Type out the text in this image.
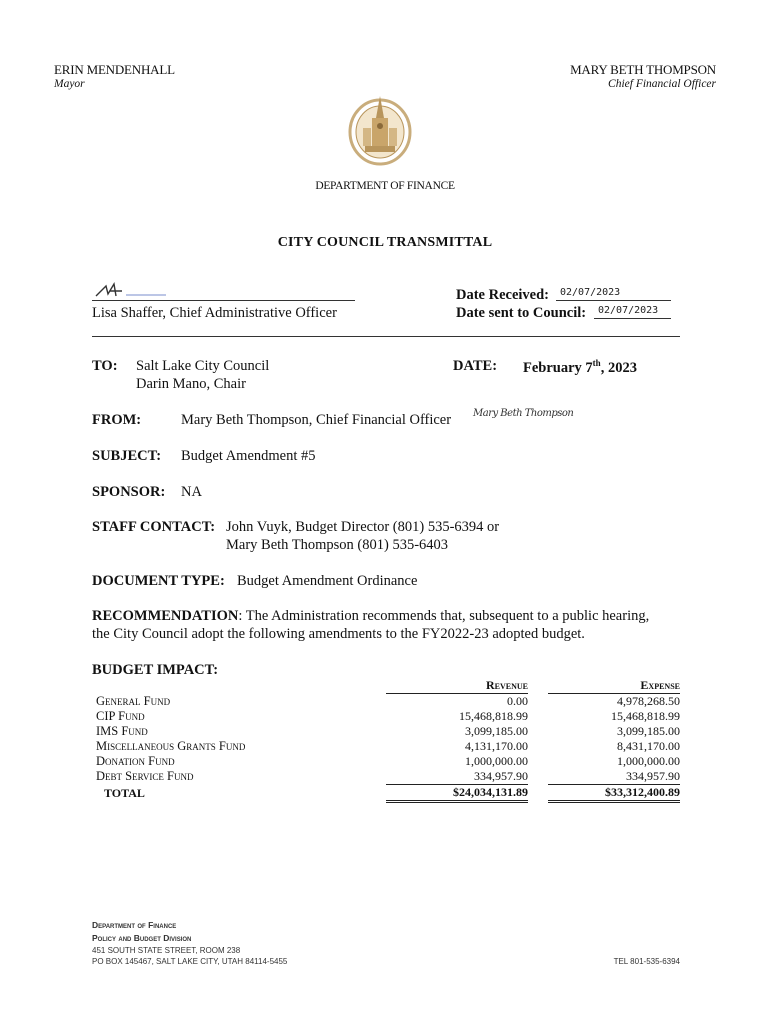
ERIN MENDENHALL
Mayor
MARY BETH THOMPSON
Chief Financial Officer
DEPARTMENT OF FINANCE
CITY COUNCIL TRANSMITTAL
Lisa Shaffer, Chief Administrative Officer
Date Received: 02/07/2023
Date sent to Council: 02/07/2023
TO: Salt Lake City Council
Darin Mano, Chair
DATE: February 7th, 2023
FROM:	Mary Beth Thompson, Chief Financial Officer Mary Beth Thompson
SUBJECT: Budget Amendment #5
SPONSOR: NA
STAFF CONTACT: John Vuyk, Budget Director (801) 535-6394 or
Mary Beth Thompson (801) 535-6403
DOCUMENT TYPE: Budget Amendment Ordinance
RECOMMENDATION: The Administration recommends that, subsequent to a public hearing,
the City Council adopt the following amendments to the FY2022-23 adopted budget.
BUDGET IMPACT:
	Revenue		Expense
General Fund	0.00		4,978,268.50
CIP Fund	15,468,818.99		15,468,818.99
IMS Fund	3,099,185.00		3,099,185.00
Miscellaneous Grants Fund	4,131,170.00		8,431,170.00
Donation Fund	1,000,000.00		1,000,000.00
Debt Service Fund	334,957.90		334,957.90
TOTAL	$24,034,131.89		$33,312,400.89
Department of Finance
Policy and Budget Division
451 SOUTH STATE STREET, ROOM 238
PO BOX 145467, SALT LAKE CITY, UTAH 84114-5455	TEL 801-535-6394
